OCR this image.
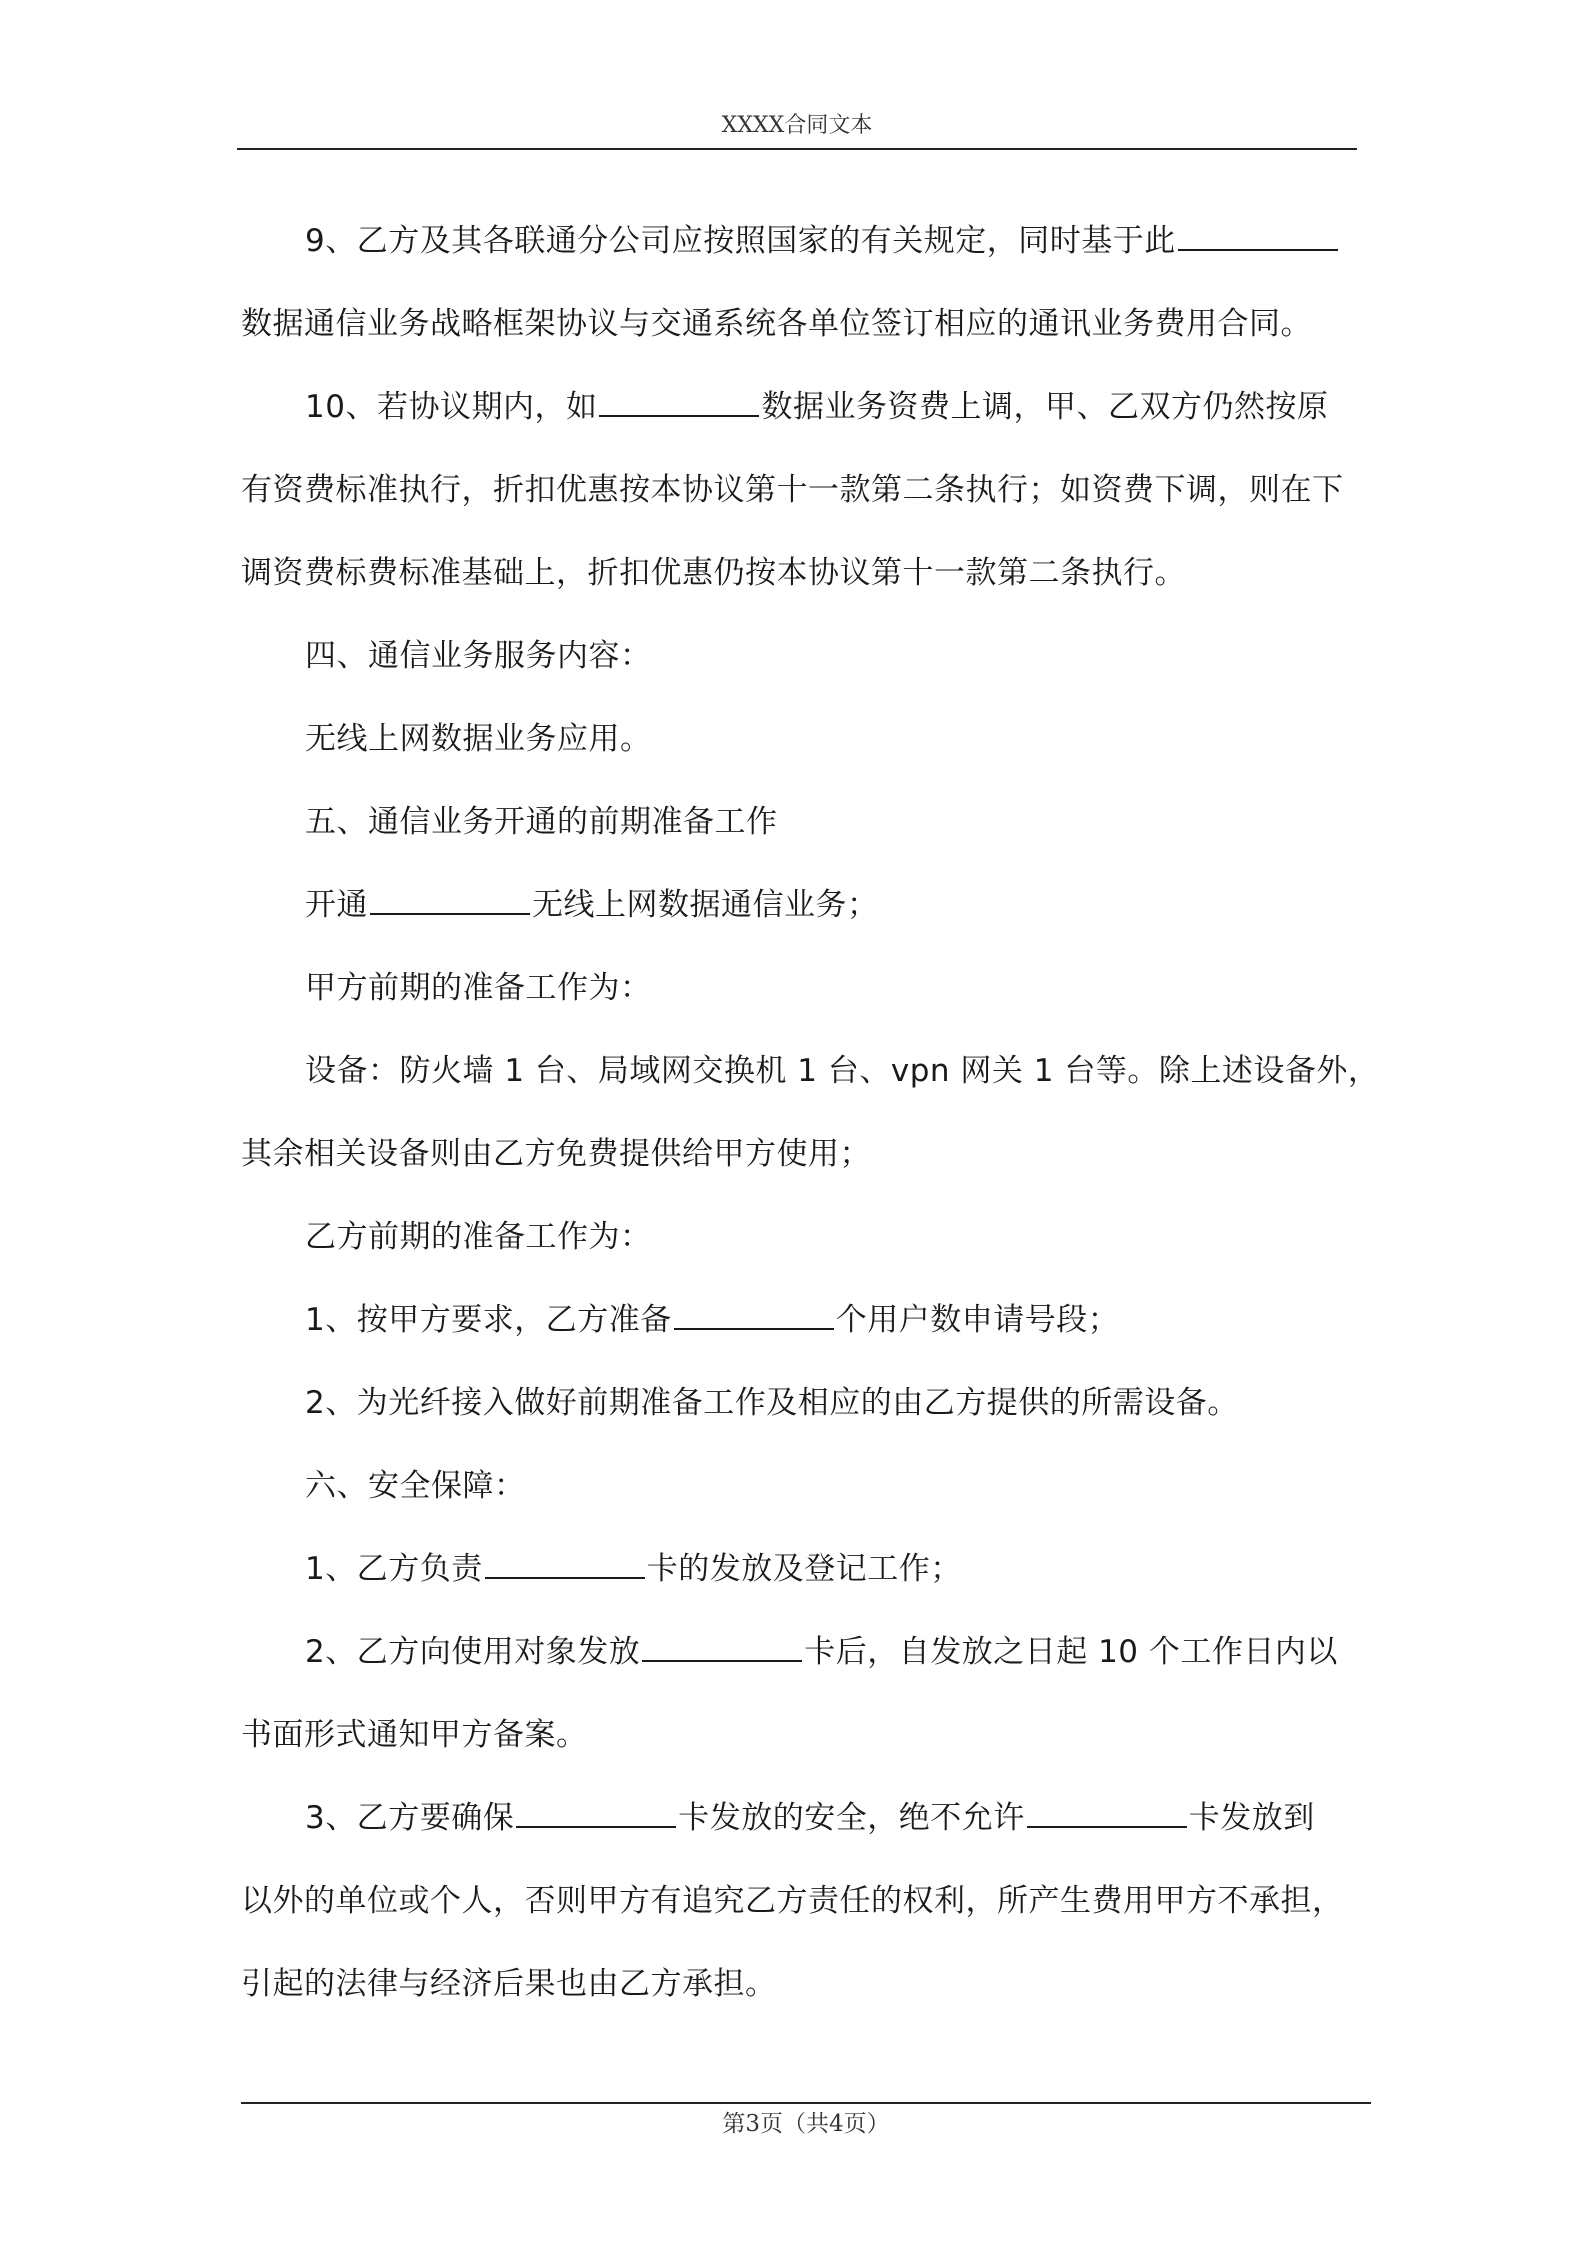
XXXX合同文本

9、乙方及其各联通分公司应按照国家的有关规定，同时基于此

数据通信业务战略框架协议与交通系统各单位签订相应的通讯业务费用合同。

10、若协议期内，如	数据业务资费上调，甲、乙双方仍然按原

有资费标准执行，折扣优惠按本协议第十一款第二条执行；如资费下调，则在下

调资费标费标准基础上，折扣优惠仍按本协议第十一款第二条执行。

四、通信业务服务内容：

无线上网数据业务应用。

五、通信业务开通的前期准备工作

开通	无线上网数据通信业务；

甲方前期的准备工作为：

设备：防火墙 1 台、局域网交换机 1 台、vpn 网关 1 台等。除上述设备外，

其余相关设备则由乙方免费提供给甲方使用；

乙方前期的准备工作为：

1、按甲方要求，乙方准备	个用户数申请号段；

2、为光纤接入做好前期准备工作及相应的由乙方提供的所需设备。

六、安全保障：

1、乙方负责	卡的发放及登记工作；

2、乙方向使用对象发放	卡后，自发放之日起 10 个工作日内以

书面形式通知甲方备案。

3、乙方要确保	卡发放的安全，绝不允许	卡发放到

以外的单位或个人，否则甲方有追究乙方责任的权利，所产生费用甲方不承担，

引起的法律与经济后果也由乙方承担。

第3页（共4页）
